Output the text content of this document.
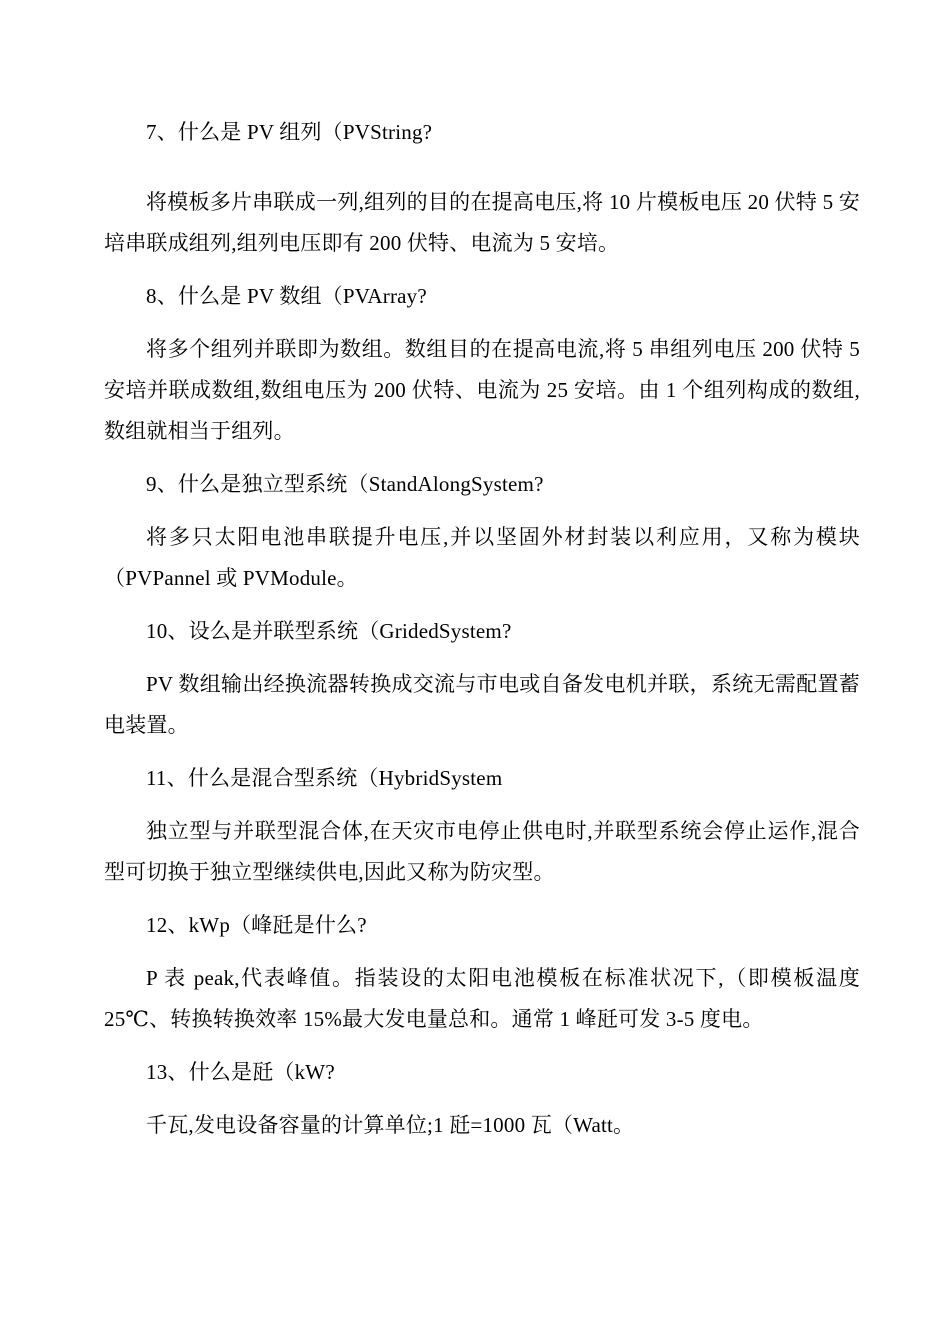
7、什么是 PV 组列（PVString?

将模板多片串联成一列,组列的目的在提高电压,将 10 片模板电压 20 伏特 5 安培串联成组列,组列电压即有 200 伏特、电流为 5 安培。

8、什么是 PV 数组（PVArray?

将多个组列并联即为数组。数组目的在提高电流,将 5 串组列电压 200 伏特 5 安培并联成数组,数组电压为 200 伏特、电流为 25 安培。由 1 个组列构成的数组,数组就相当于组列。

9、什么是独立型系统（StandAlongSystem?

将多只太阳电池串联提升电压,并以坚固外材封装以利应用，又称为模块（PVPannel 或 PVModule。

10、设么是并联型系统（GridedSystem?

PV 数组输出经换流器转换成交流与市电或自备发电机并联，系统无需配置蓄电装置。

11、什么是混合型系统（HybridSystem

独立型与并联型混合体,在天灾市电停止供电时,并联型系统会停止运作,混合型可切换于独立型继续供电,因此又称为防灾型。

12、kWp（峰瓩是什么?

P 表 peak,代表峰值。指装设的太阳电池模板在标准状况下,（即模板温度 25℃、转换转换效率 15%最大发电量总和。通常 1 峰瓩可发 3-5 度电。

13、什么是瓩（kW?

千瓦,发电设备容量的计算单位;1 瓩=1000 瓦（Watt。
